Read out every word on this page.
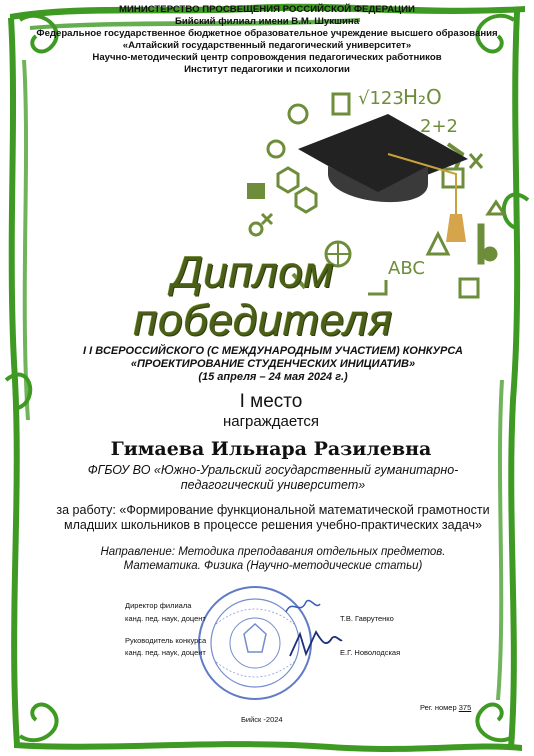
√123 H₂O
2+2
ABC
МИНИСТЕРСТВО ПРОСВЕЩЕНИЯ РОССИЙСКОЙ ФЕДЕРАЦИИ
Бийский филиал имени В.М. Шукшина
Федеральное государственное бюджетное образовательное учреждение высшего образования
«Алтайский государственный педагогический университет»
Научно-методический центр сопровождения педагогических работников
Институт педагогики и психологии
Диплом
победителя
I I ВСЕРОССИЙСКОГО (С МЕЖДУНАРОДНЫМ УЧАСТИЕМ) КОНКУРСА
«ПРОЕКТИРОВАНИЕ СТУДЕНЧЕСКИХ ИНИЦИАТИВ»
(15 апреля – 24 мая 2024 г.)
I место
награждается
Гимаева Ильнара Разилевна
ФГБОУ ВО «Южно-Уральский государственный гуманитарно-
педагогический университет»
за работу: «Формирование функциональной математической грамотности
младших школьников в процессе решения учебно-практических задач»
Направление: Методика преподавания отдельных предметов.
Математика. Физика (Научно-методические статьи)
Директор филиала
канд. пед. наук, доцент	Т.В. Гаврутенко
Руководитель конкурса
канд. пед. наук, доцент	Е.Г. Новолодская
Рег. номер 375
Бийск -2024
